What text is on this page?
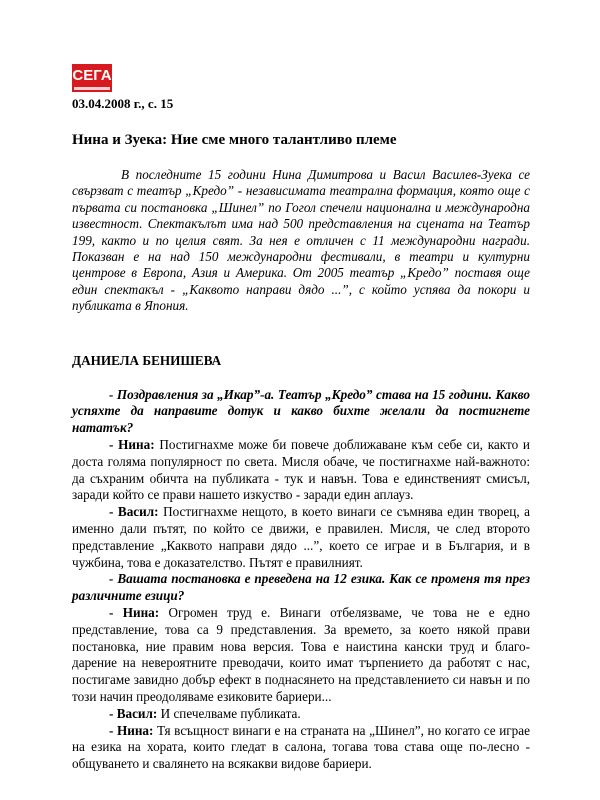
СЕГА
03.04.2008 г., с. 15
Нина и Зуека: Ние сме много талантливо племе
В последните 15 години Нина Димитрова и Васил Василев-Зуека се свързват с театър „Кредо” - независимата театрална формация, която още с първата си постановка „Шинел” по Гогол спечели национална и международна известност. Спектакълът има над 500 представления на сцената на Театър 199, както и по целия свят. За нея е отличен с 11 международни награди. Показван е на над 150 международни фестивали, в театри и културни центрове в Европа, Азия и Америка. От 2005 театър „Кредо” поставя още един спектакъл - „Каквото направи дядо ...”, с който успява да покори и публиката в Япония.
ДАНИЕЛА БЕНИШЕВА

- Поздравления за „Икар”-а. Театър „Кредо” става на 15 години. Какво успяхте да направите дотук и какво бихте желали да постигнете нататък?

- Нина: Постигнахме може би повече доближаване към себе си, както и доста голяма популярност по света. Мисля обаче, че постигнахме най-важното: да съхраним обичта на публиката - тук и навън. Това е единственият смисъл, заради който се прави нашето изкуство - заради един аплауз.

- Васил: Постигнахме нещото, в което винаги се съмнява един творец, а именно дали пътят, по който се движи, е правилен. Мисля, че след второто представление „Каквото направи дядо ...”, което се играе и в България, и в чужбина, това е доказателство. Пътят е правилният.

- Вашата постановка е преведена на 12 езика. Как се променя тя през различните езици?

- Нина: Огромен труд е. Винаги отбелязваме, че това не е едно представление, това са 9 представления. За времето, за което някой прави постановка, ние правим нова версия. Това е наистина кански труд и благо-дарение на невероятните преводачи, които имат търпението да работят с нас, постигаме завидно добър ефект в поднасянето на представлението си навън и по този начин преодоляваме езиковите бариери...

- Васил: И спечелваме публиката.

- Нина: Тя всъщност винаги е на страната на „Шинел”, но когато се играе на езика на хората, които гледат в салона, тогава това става още по-лесно - общуването и свалянето на всякакви видове бариери.
